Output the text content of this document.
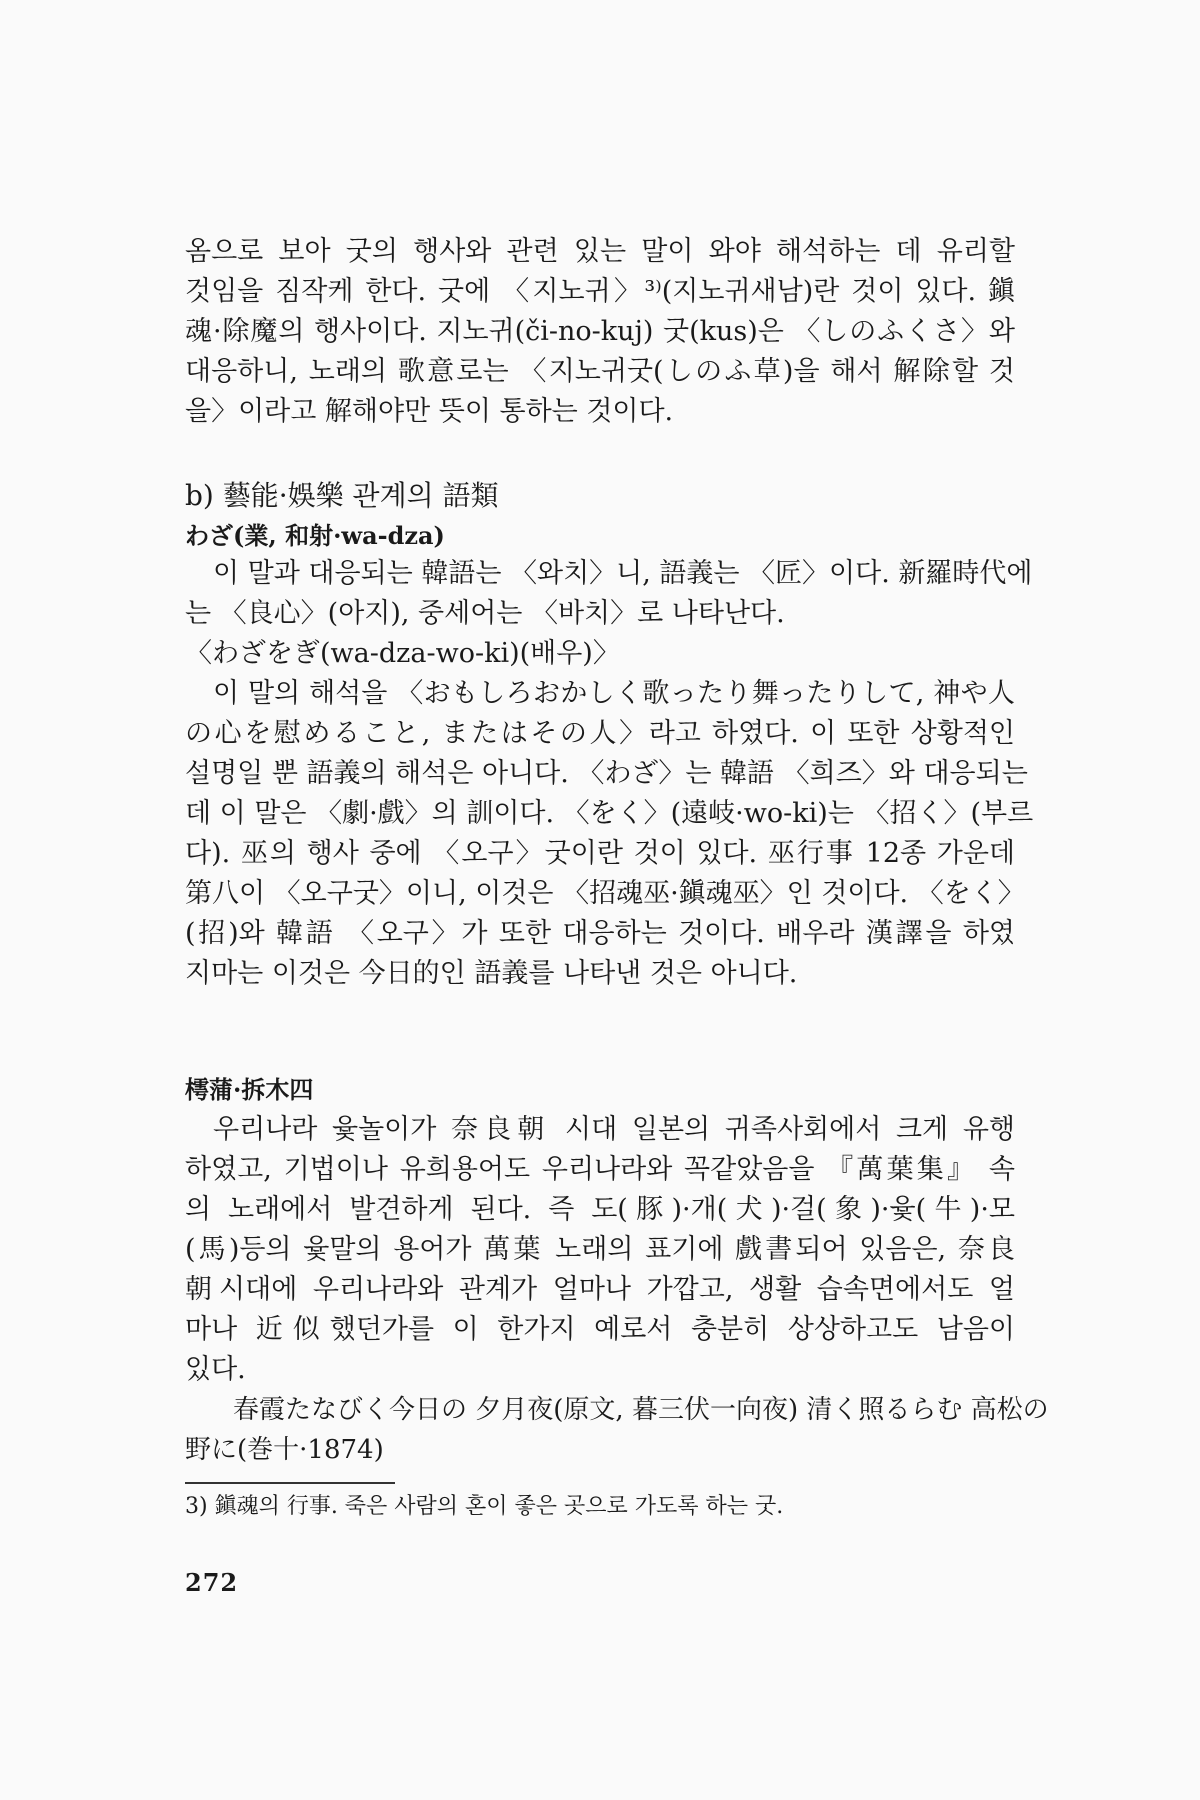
옴으로 보아 굿의 행사와 관련 있는 말이 와야 해석하는 데 유리할

것임을 짐작케 한다. 굿에 〈지노귀〉³⁾(지노귀새남)란 것이 있다. 鎭

魂·除魔의 행사이다. 지노귀(či-no-kuj) 굿(kus)은 〈しのふくさ〉와

대응하니, 노래의 歌意로는 〈지노귀굿(しのふ草)을 해서 解除할 것

을〉이라고 解해야만 뜻이 통하는 것이다.

b) 藝能·娛樂 관계의 語類

わざ(業, 和射·wa-dza)

이 말과 대응되는 韓語는 〈와치〉니, 語義는 〈匠〉이다. 新羅時代에

는 〈良心〉(아지), 중세어는 〈바치〉로 나타난다.

〈わざをぎ(wa-dza-wo-ki)(배우)〉

이 말의 해석을 〈おもしろおかしく歌ったり舞ったりして, 神や人

の心を慰めること, またはその人〉라고 하였다. 이 또한 상황적인

설명일 뿐 語義의 해석은 아니다. 〈わざ〉는 韓語 〈희즈〉와 대응되는

데 이 말은 〈劇·戲〉의 訓이다. 〈をく〉(遠岐·wo-ki)는 〈招く〉(부르

다). 巫의 행사 중에 〈오구〉굿이란 것이 있다. 巫行事 12종 가운데

第八이 〈오구굿〉이니, 이것은 〈招魂巫·鎭魂巫〉인 것이다. 〈をく〉

(招)와 韓語 〈오구〉가 또한 대응하는 것이다. 배우라 漢譯을 하였

지마는 이것은 今日的인 語義를 나타낸 것은 아니다.

樗蒲·拆木四

우리나라 윷놀이가 奈良朝 시대 일본의 귀족사회에서 크게 유행

하였고, 기법이나 유희용어도 우리나라와 꼭같았음을 『萬葉集』 속

의 노래에서 발견하게 된다. 즉 도(豚)·개(犬)·걸(象)·윷(牛)·모

(馬)등의 윷말의 용어가 萬葉 노래의 표기에 戲書되어 있음은, 奈良

朝시대에 우리나라와 관계가 얼마나 가깝고, 생활 습속면에서도 얼

마나 近似했던가를 이 한가지 예로서 충분히 상상하고도 남음이

있다.

春霞たなびく今日の 夕月夜(原文, 暮三伏一向夜) 清く照るらむ 高松の

野に(巻十·1874)

3) 鎭魂의 行事. 죽은 사람의 혼이 좋은 곳으로 가도록 하는 굿.

272
